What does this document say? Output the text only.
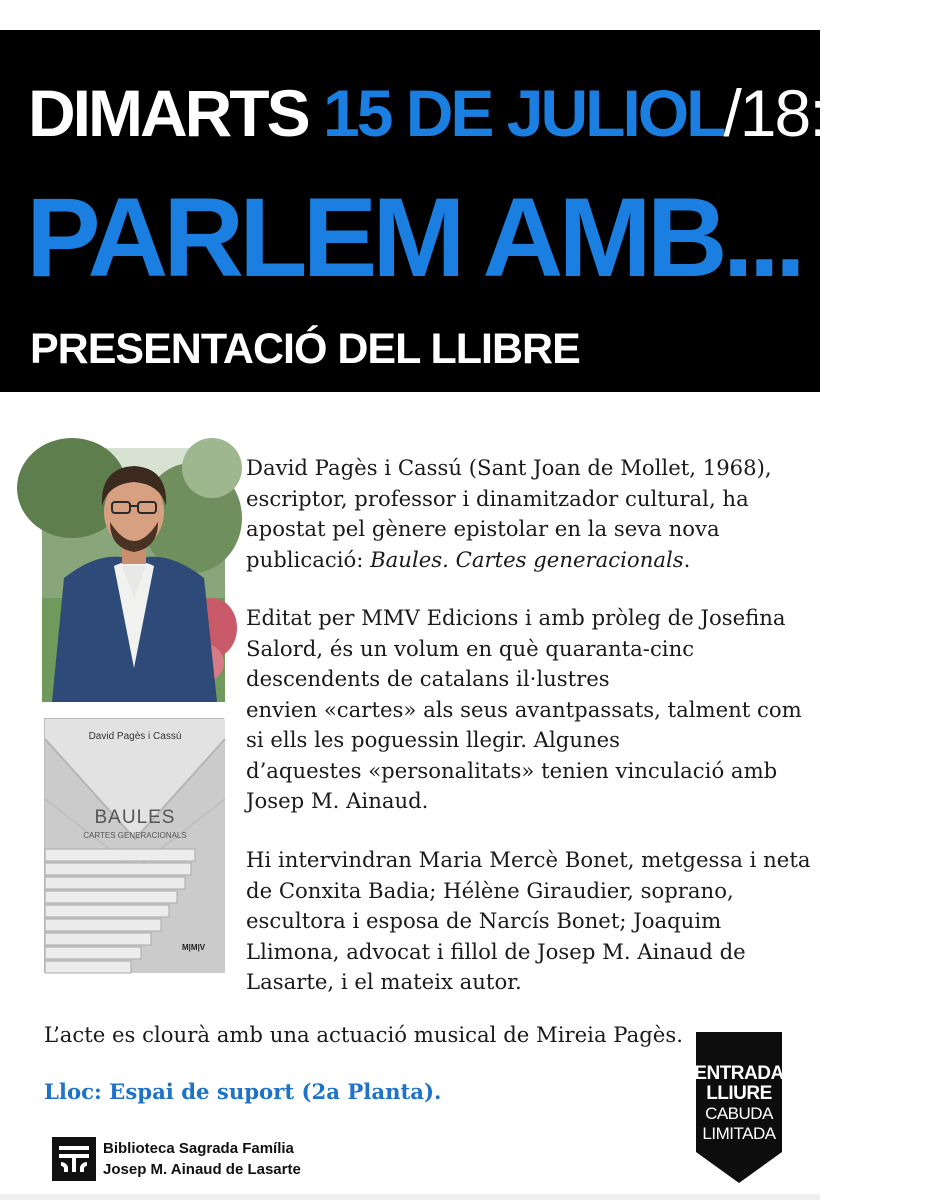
DIMARTS 15 DE JULIOL/18:30H
PARLEM AMB...
PRESENTACIÓ DEL LLIBRE
David Pagès i Cassú
BAULES
CARTES GENERACIONALS
M|M|V

David Pagès i Cassú (Sant Joan de Mollet, 1968),
escriptor, professor i dinamitzador cultural, ha
apostat pel gènere epistolar en la seva nova
publicació: Baules. Cartes generacionals.

Editat per MMV Edicions i amb pròleg de Josefina
Salord, és un volum en què quaranta-cinc
descendents de catalans il·lustres
envien «cartes» als seus avantpassats, talment com
si ells les poguessin llegir. Algunes
d’aquestes «personalitats» tenien vinculació amb
Josep M. Ainaud.

Hi intervindran Maria Mercè Bonet, metgessa i neta
de Conxita Badia; Hélène Giraudier, soprano,
escultora i esposa de Narcís Bonet; Joaquim
Llimona, advocat i fillol de Josep M. Ainaud de
Lasarte, i el mateix autor.

L’acte es clourà amb una actuació musical de Mireia Pagès.
Lloc: Espai de suport (2a Planta).
Biblioteca Sagrada Família
Josep M. Ainaud de Lasarte
ENTRADA
LLIURE
CABUDA
LIMITADA
